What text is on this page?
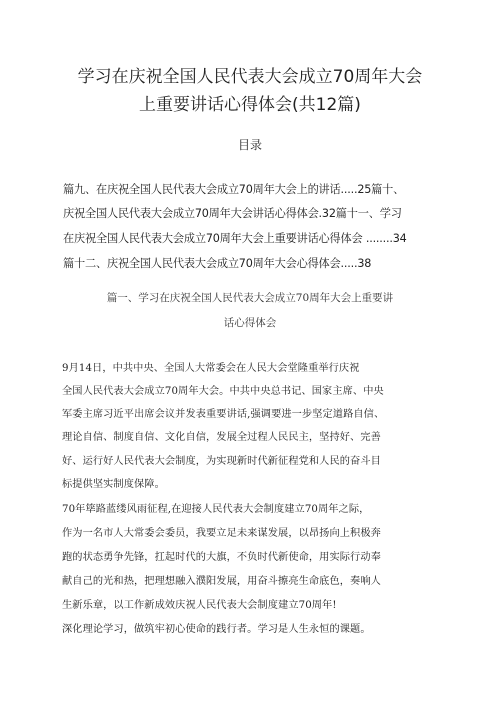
学习在庆祝全国人民代表大会成立70周年大会
上重要讲话心得体会(共12篇)
目录
篇九、在庆祝全国人民代表大会成立70周年大会上的讲话.....25篇十、
庆祝全国人民代表大会成立70周年大会讲话心得体会.32篇十一、学习
在庆祝全国人民代表大会成立70周年大会上重要讲话心得体会 ........34
篇十二、庆祝全国人民代表大会成立70周年大会心得体会.....38
篇一、学习在庆祝全国人民代表大会成立70周年大会上重要讲
话心得体会
9月14日，中共中央、全国人大常委会在人民大会堂隆重举行庆祝
全国人民代表大会成立70周年大会。中共中央总书记、国家主席、中央
军委主席习近平出席会议并发表重要讲话,强调要进一步坚定道路自信、
理论自信、制度自信、文化自信，发展全过程人民民主，坚持好、完善
好、运行好人民代表大会制度，为实现新时代新征程党和人民的奋斗目
标提供坚实制度保障。
70年筚路蓝缕风雨征程,在迎接人民代表大会制度建立70周年之际，
作为一名市人大常委会委员，我要立足未来谋发展，以昂扬向上积极奔
跑的状态勇争先锋，扛起时代的大旗，不负时代新使命，用实际行动奉
献自己的光和热，把理想融入濮阳发展，用奋斗擦亮生命底色，奏响人
生新乐章，以工作新成效庆祝人民代表大会制度建立70周年!
深化理论学习，做筑牢初心使命的践行者。学习是人生永恒的课题。
